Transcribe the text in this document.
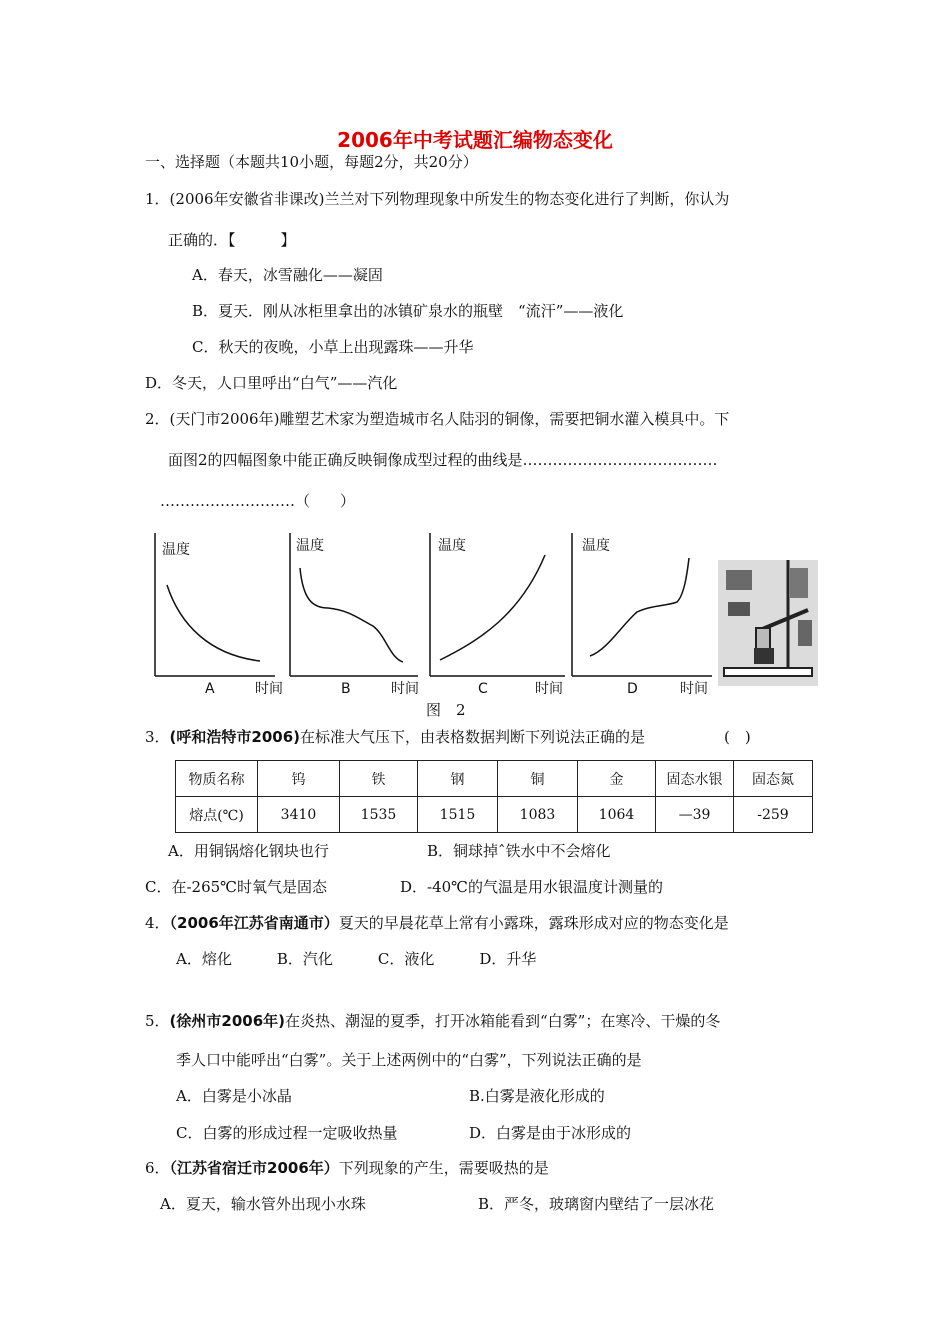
2006年中考试题汇编物态变化
一、选择题（本题共10小题，每题2分，共20分）
1．(2006年安徽省非课改)兰兰对下列物理现象中所发生的物态变化进行了判断，你认为
正确的．【　　　】
A．春天，冰雪融化——凝固
B．夏天．刚从冰柜里拿出的冰镇矿泉水的瓶壁　“流汗”——液化
C．秋天的夜晚，小草上出现露珠——升华
D．冬天，人口里呼出“白气”——汽化
2．(天门市2006年)雕塑艺术家为塑造城市名人陆羽的铜像，需要把铜水灌入模具中。下
面图2的四幅图象中能正确反映铜像成型过程的曲线是…………………………………
………………………（　　）
温度
A	时间
温度
B	时间
温度
C	时间
温度
D	时间
图　2
3．(呼和浩特市2006)在标准大气压下，由表格数据判断下列说法正确的是	(　)
物质名称	钨	铁	钢	铜	金	固态水银	固态氮
熔点(℃)	3410	1535	1515	1083	1064	—39	-259
A．用铜锅熔化钢块也行	B．铜球掉ˆ铁水中不会熔化
C．在-265℃时氧气是固态	D．-40℃的气温是用水银温度计测量的
4．（2006年江苏省南通市）夏天的早晨花草上常有小露珠，露珠形成对应的物态变化是
A．熔化　　　B．汽化　　　C．液化　　　D．升华
5．(徐州市2006年)在炎热、潮湿的夏季，打开冰箱能看到“白雾”；在寒冷、干燥的冬
季人口中能呼出“白雾”。关于上述两例中的“白雾”，下列说法正确的是
A．白雾是小冰晶	B.白雾是液化形成的
C．白雾的形成过程一定吸收热量	D．白雾是由于冰形成的
6．（江苏省宿迁市2006年）下列现象的产生，需要吸热的是
A．夏天，输水管外出现小水珠	B．严冬，玻璃窗内壁结了一层冰花
